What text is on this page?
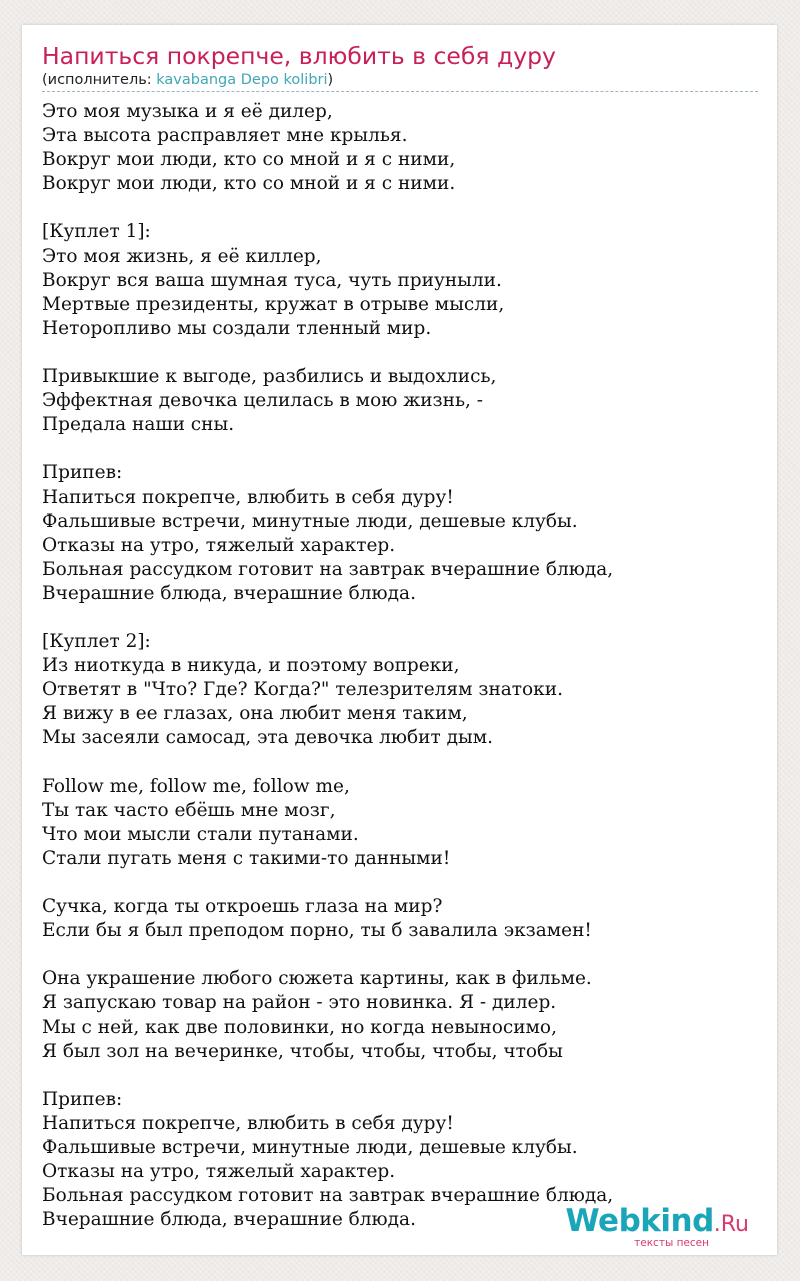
Напиться покрепче, влюбить в себя дуру
(исполнитель: kavabanga Depo kolibri)
Это моя музыка и я её дилер,
Эта высота расправляет мне крылья.
Вокруг мои люди, кто со мной и я с ними,
Вокруг мои люди, кто со мной и я с ними.
[Куплет 1]:
Это моя жизнь, я её киллер,
Вокруг вся ваша шумная туса, чуть приуныли.
Мертвые президенты, кружат в отрыве мысли,
Неторопливо мы создали тленный мир.
Привыкшие к выгоде, разбились и выдохлись,
Эффектная девочка целилась в мою жизнь, -
Предала наши сны.
Припев:
Напиться покрепче, влюбить в себя дуру!
Фальшивые встречи, минутные люди, дешевые клубы.
Отказы на утро, тяжелый характер.
Больная рассудком готовит на завтрак вчерашние блюда,
Вчерашние блюда, вчерашние блюда.
[Куплет 2]:
Из ниоткуда в никуда, и поэтому вопреки,
Ответят в "Что? Где? Когда?" телезрителям знатоки.
Я вижу в ее глазах, она любит меня таким,
Мы засеяли самосад, эта девочка любит дым.
Follow me, follow me, follow me,
Ты так часто ебёшь мне мозг,
Что мои мысли стали путанами.
Стали пугать меня с такими-то данными!
Сучка, когда ты откроешь глаза на мир?
Если бы я был преподом порно, ты б завалила экзамен!
Она украшение любого сюжета картины, как в фильме.
Я запускаю товар на район - это новинка. Я - дилер.
Мы с ней, как две половинки, но когда невыносимо,
Я был зол на вечеринке, чтобы, чтобы, чтобы, чтобы
Припев:
Напиться покрепче, влюбить в себя дуру!
Фальшивые встречи, минутные люди, дешевые клубы.
Отказы на утро, тяжелый характер.
Больная рассудком готовит на завтрак вчерашние блюда,
Вчерашние блюда, вчерашние блюда.	Webkind.Ru
тексты песен
